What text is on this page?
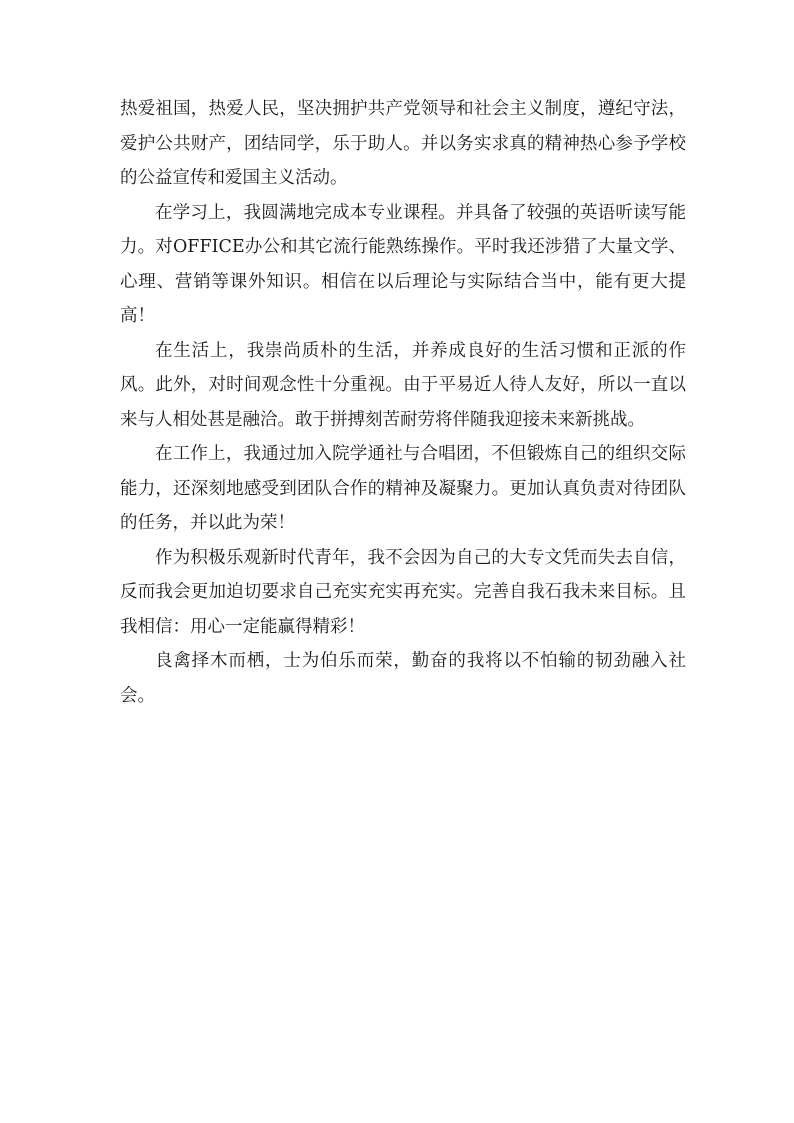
热爱祖国，热爱人民，坚决拥护共产党领导和社会主义制度，遵纪守法，爱护公共财产，团结同学，乐于助人。并以务实求真的精神热心参予学校的公益宣传和爱国主义活动。

在学习上，我圆满地完成本专业课程。并具备了较强的英语听读写能力。对OFFICE办公和其它流行能熟练操作。平时我还涉猎了大量文学、心理、营销等课外知识。相信在以后理论与实际结合当中，能有更大提高！

在生活上，我崇尚质朴的生活，并养成良好的生活习惯和正派的作风。此外，对时间观念性十分重视。由于平易近人待人友好，所以一直以来与人相处甚是融洽。敢于拼搏刻苦耐劳将伴随我迎接未来新挑战。

在工作上，我通过加入院学通社与合唱团，不但锻炼自己的组织交际能力，还深刻地感受到团队合作的精神及凝聚力。更加认真负责对待团队的任务，并以此为荣！

作为积极乐观新时代青年，我不会因为自己的大专文凭而失去自信，反而我会更加迫切要求自己充实充实再充实。完善自我石我未来目标。且我相信：用心一定能赢得精彩！

良禽择木而栖，士为伯乐而荣，勤奋的我将以不怕输的韧劲融入社会。
